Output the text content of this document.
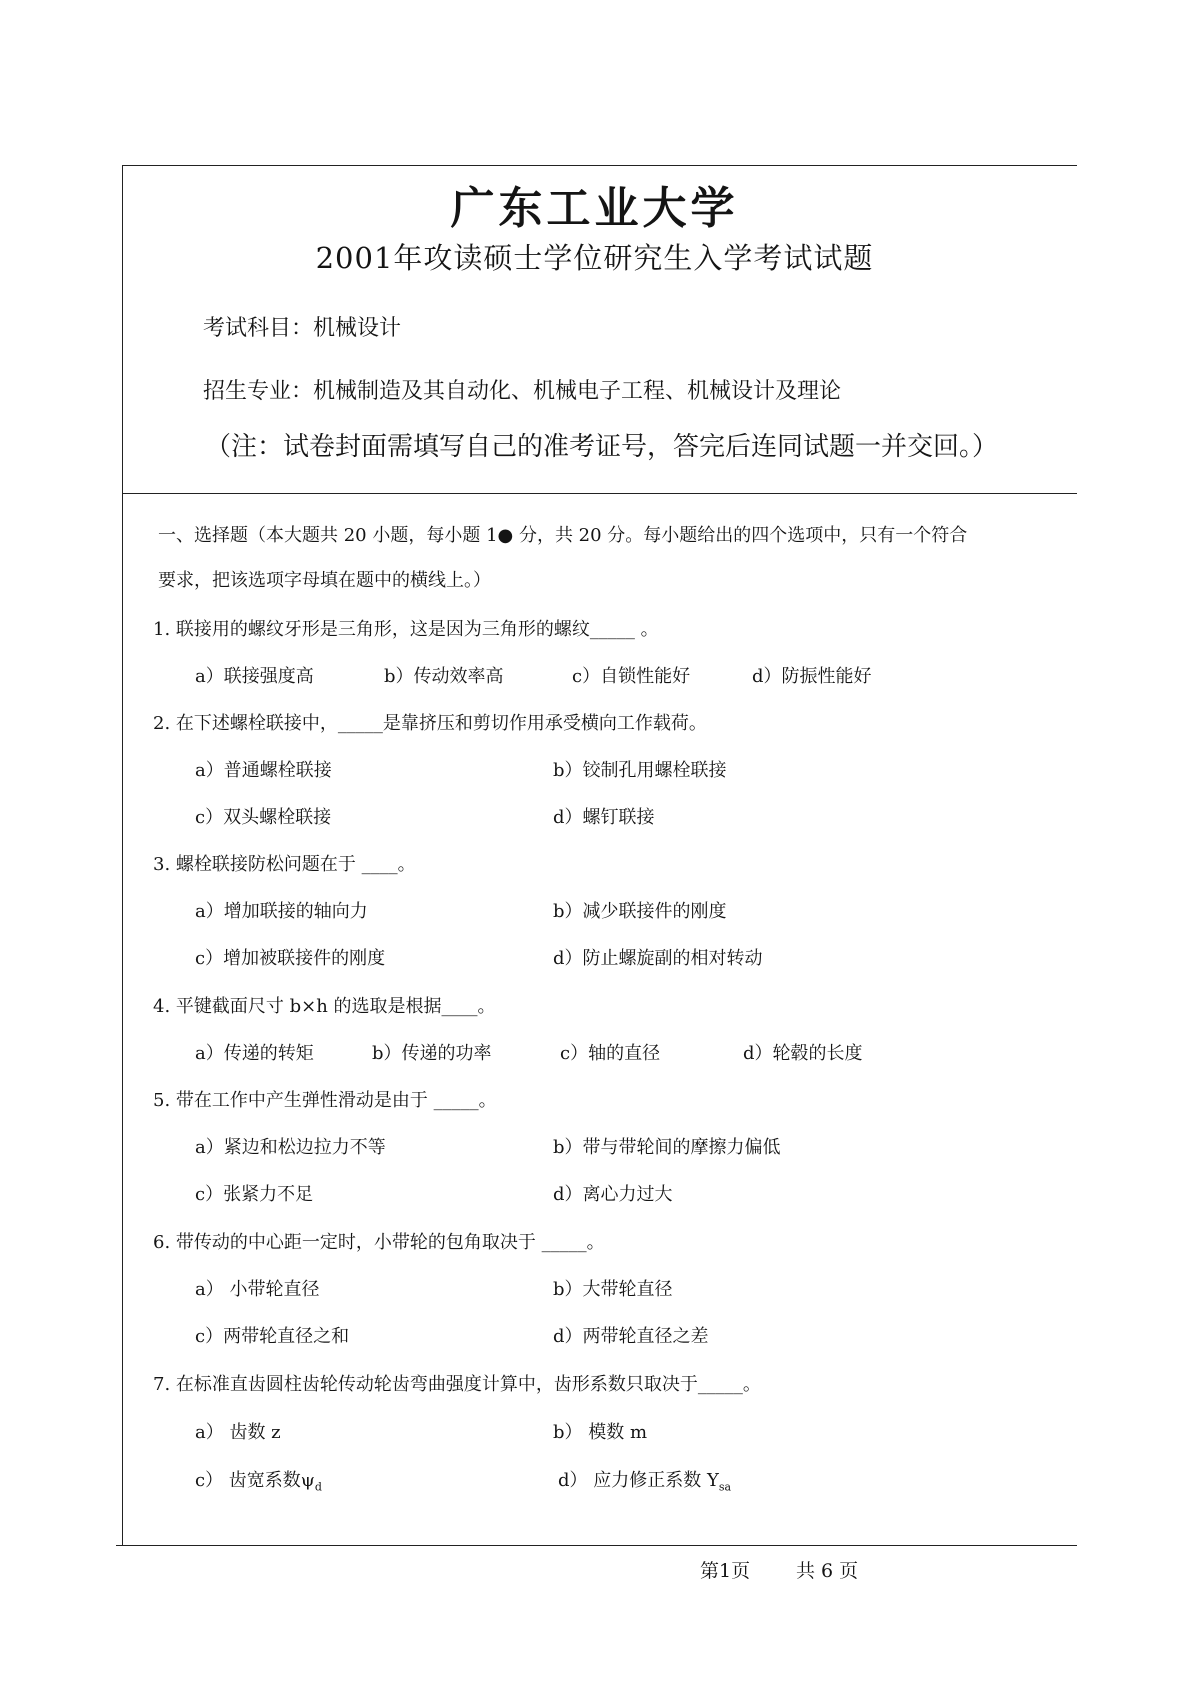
广东工业大学
2001年攻读硕士学位研究生入学考试试题
考试科目：机械设计
招生专业：机械制造及其自动化、机械电子工程、机械设计及理论
（注：试卷封面需填写自己的准考证号，答完后连同试题一并交回。）
一、选择题（本大题共 20 小题，每小题 1● 分，共 20 分。每小题给出的四个选项中，只有一个符合
要求，把该选项字母填在题中的横线上。）
1. 联接用的螺纹牙形是三角形，这是因为三角形的螺纹_____ 。
a）联接强度高	b）传动效率高	c）自锁性能好	d）防振性能好
2. 在下述螺栓联接中，_____是靠挤压和剪切作用承受横向工作载荷。
a）普通螺栓联接	b）铰制孔用螺栓联接
c）双头螺栓联接	d）螺钉联接
3. 螺栓联接防松问题在于 ____。
a）增加联接的轴向力	b）减少联接件的刚度
c）增加被联接件的刚度	d）防止螺旋副的相对转动
4. 平键截面尺寸 b×h 的选取是根据____。
a）传递的转矩	b）传递的功率	c）轴的直径	d）轮毂的长度
5. 带在工作中产生弹性滑动是由于 _____。
a）紧边和松边拉力不等	b）带与带轮间的摩擦力偏低
c）张紧力不足	d）离心力过大
6. 带传动的中心距一定时，小带轮的包角取决于 _____。
a） 小带轮直径	b）大带轮直径
c）两带轮直径之和	d）两带轮直径之差
7. 在标准直齿圆柱齿轮传动轮齿弯曲强度计算中，齿形系数只取决于_____。
a） 齿数 z	b） 模数 m
c） 齿宽系数$\psi_d$	d） 应力修正系数 $Y_{sa}$
第1页 共 6 页
